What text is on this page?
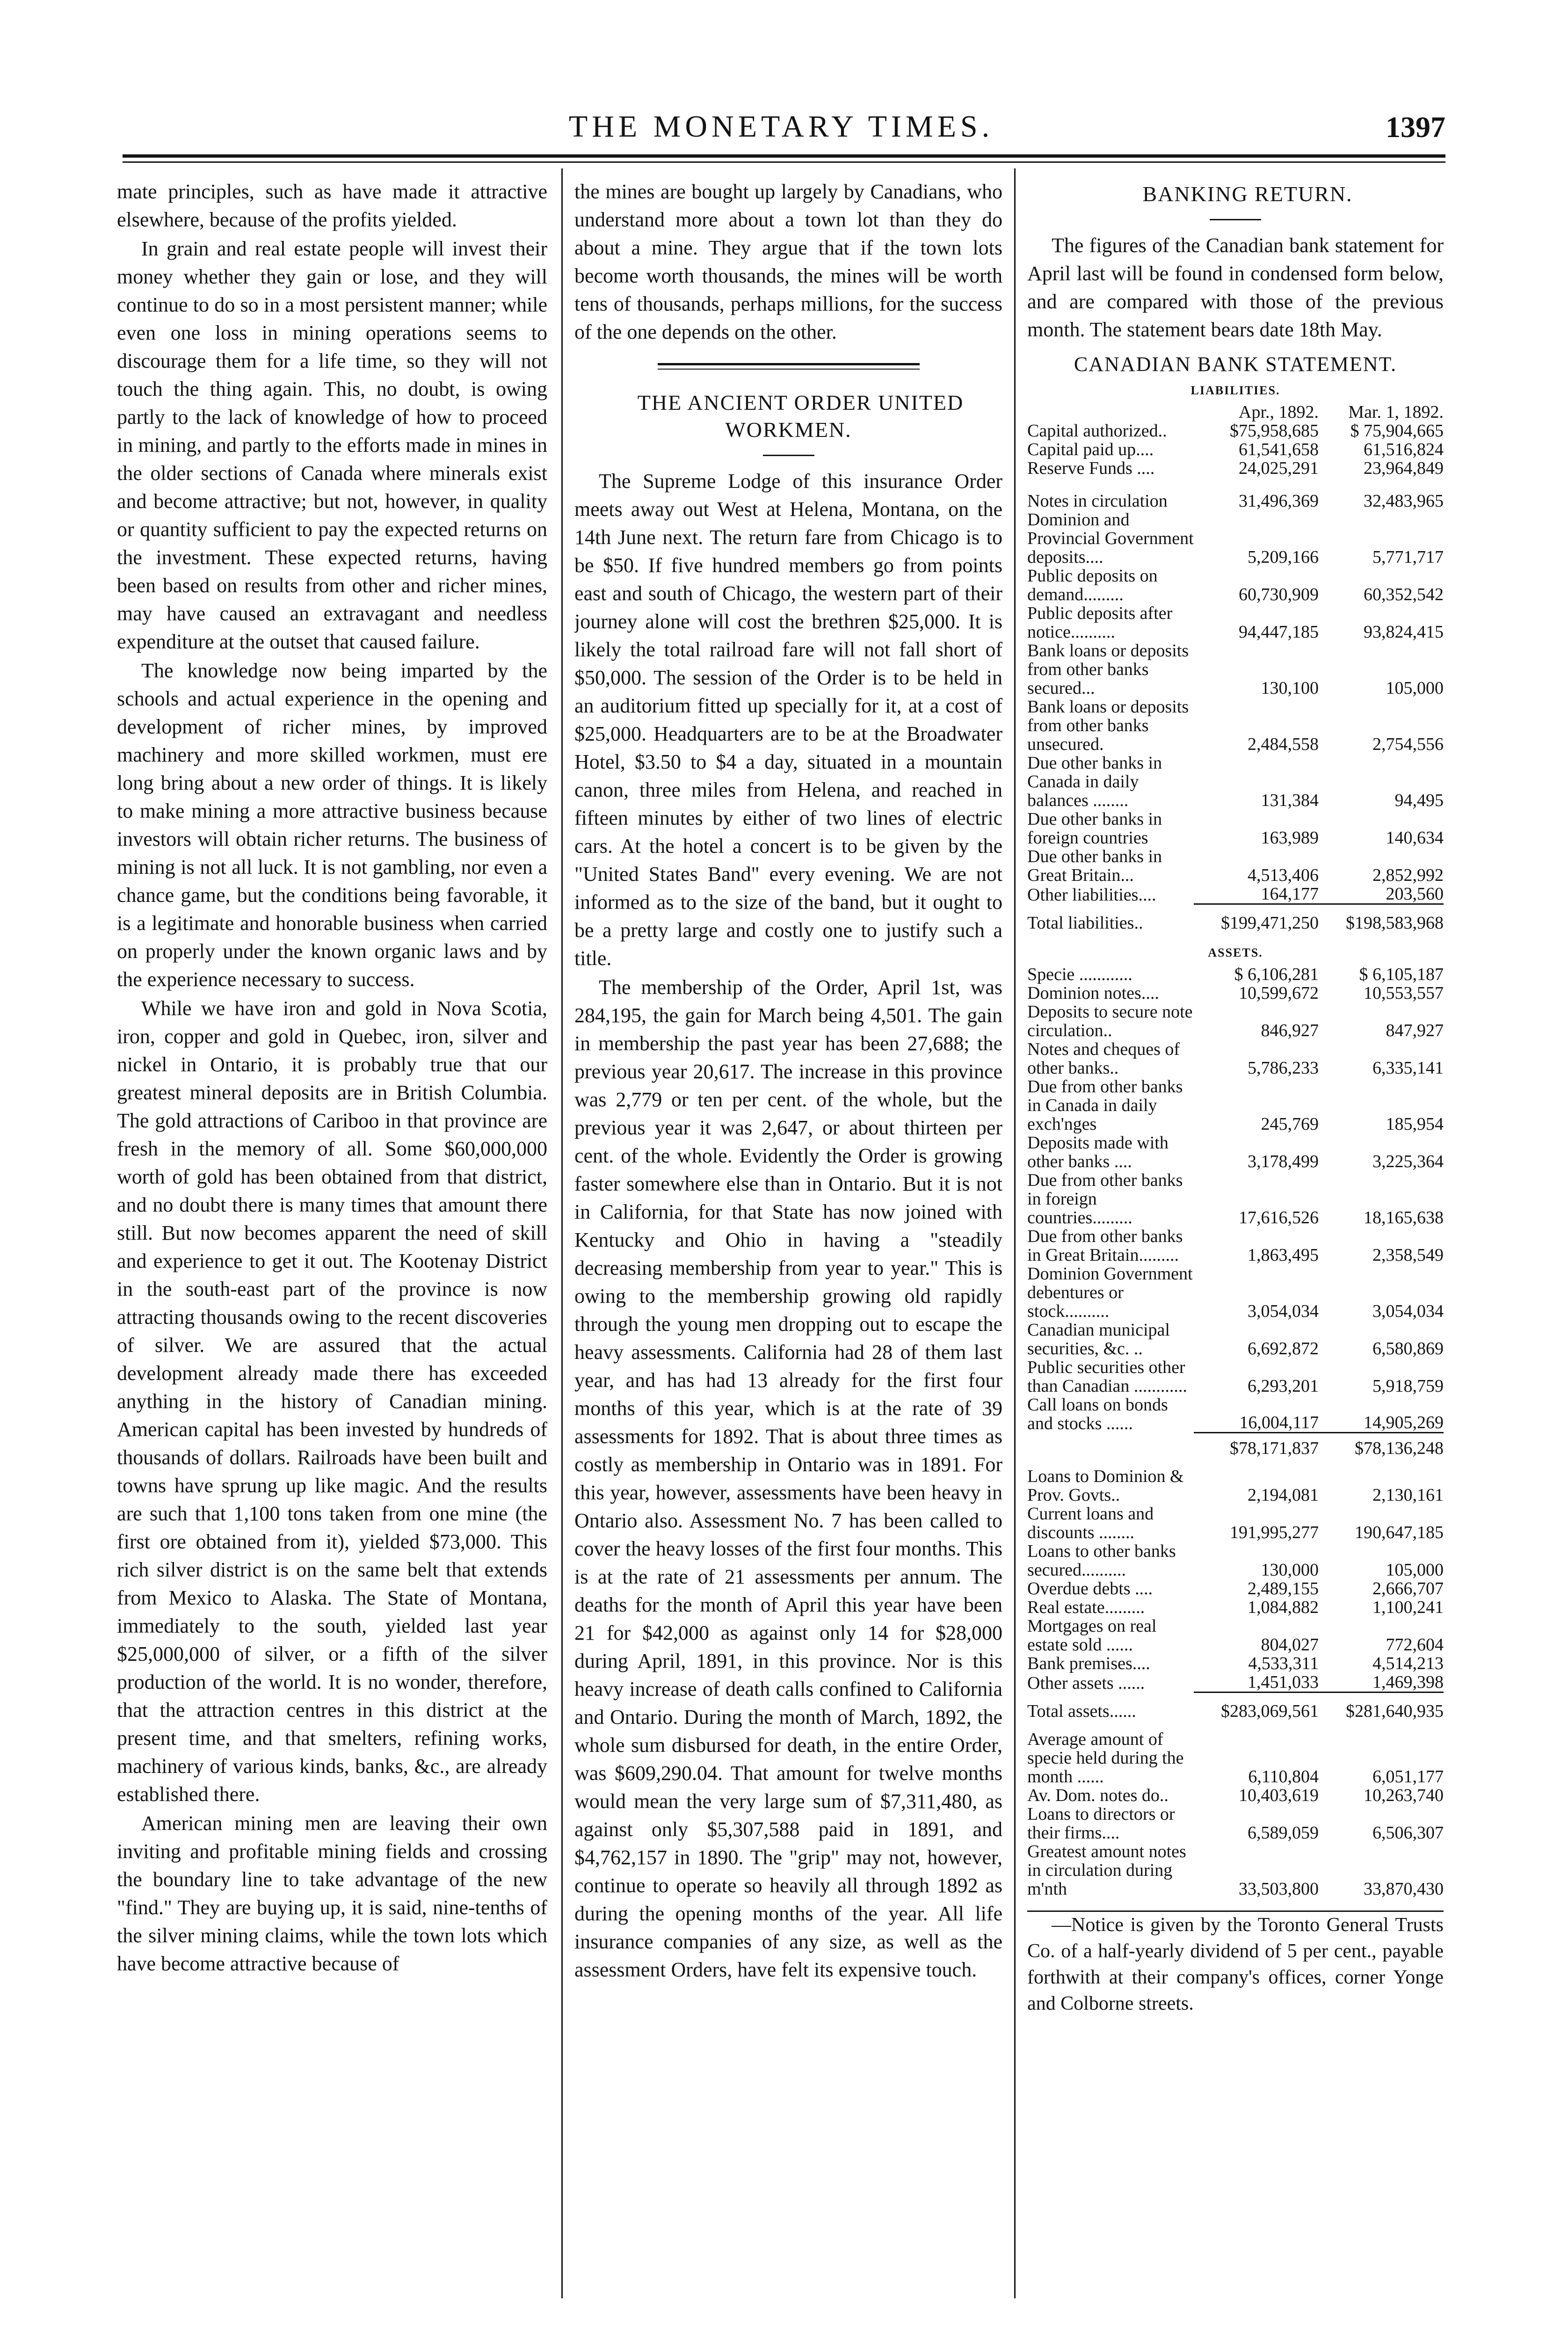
THE MONETARY TIMES.	1397

mate principles, such as have made it attractive elsewhere, because of the profits yielded.

In grain and real estate people will invest their money whether they gain or lose, and they will continue to do so in a most persistent manner; while even one loss in mining operations seems to discourage them for a life time, so they will not touch the thing again. This, no doubt, is owing partly to the lack of knowledge of how to proceed in mining, and partly to the efforts made in mines in the older sections of Canada where minerals exist and become attractive; but not, however, in quality or quantity sufficient to pay the expected returns on the investment. These expected returns, having been based on results from other and richer mines, may have caused an extravagant and needless expenditure at the outset that caused failure.

The knowledge now being imparted by the schools and actual experience in the opening and development of richer mines, by improved machinery and more skilled workmen, must ere long bring about a new order of things. It is likely to make mining a more attractive business because investors will obtain richer returns. The business of mining is not all luck. It is not gambling, nor even a chance game, but the conditions being favorable, it is a legitimate and honorable business when carried on properly under the known organic laws and by the experience necessary to success.

While we have iron and gold in Nova Scotia, iron, copper and gold in Quebec, iron, silver and nickel in Ontario, it is probably true that our greatest mineral deposits are in British Columbia. The gold attractions of Cariboo in that province are fresh in the memory of all. Some $60,000,000 worth of gold has been obtained from that district, and no doubt there is many times that amount there still. But now becomes apparent the need of skill and experience to get it out. The Kootenay District in the south-east part of the province is now attracting thousands owing to the recent discoveries of silver. We are assured that the actual development already made there has exceeded anything in the history of Canadian mining. American capital has been invested by hundreds of thousands of dollars. Railroads have been built and towns have sprung up like magic. And the results are such that 1,100 tons taken from one mine (the first ore obtained from it), yielded $73,000. This rich silver district is on the same belt that extends from Mexico to Alaska. The State of Montana, immediately to the south, yielded last year $25,000,000 of silver, or a fifth of the silver production of the world. It is no wonder, therefore, that the attraction centres in this district at the present time, and that smelters, refining works, machinery of various kinds, banks, &c., are already established there.

American mining men are leaving their own inviting and profitable mining fields and crossing the boundary line to take advantage of the new "find." They are buying up, it is said, nine-tenths of the silver mining claims, while the town lots which have become attractive because of

the mines are bought up largely by Canadians, who understand more about a town lot than they do about a mine. They argue that if the town lots become worth thousands, the mines will be worth tens of thousands, perhaps millions, for the success of the one depends on the other.

THE ANCIENT ORDER UNITED WORKMEN.

The Supreme Lodge of this insurance Order meets away out West at Helena, Montana, on the 14th June next. The return fare from Chicago is to be $50. If five hundred members go from points east and south of Chicago, the western part of their journey alone will cost the brethren $25,000. It is likely the total railroad fare will not fall short of $50,000. The session of the Order is to be held in an auditorium fitted up specially for it, at a cost of $25,000. Headquarters are to be at the Broadwater Hotel, $3.50 to $4 a day, situated in a mountain canon, three miles from Helena, and reached in fifteen minutes by either of two lines of electric cars. At the hotel a concert is to be given by the "United States Band" every evening. We are not informed as to the size of the band, but it ought to be a pretty large and costly one to justify such a title.

The membership of the Order, April 1st, was 284,195, the gain for March being 4,501. The gain in membership the past year has been 27,688; the previous year 20,617. The increase in this province was 2,779 or ten per cent. of the whole, but the previous year it was 2,647, or about thirteen per cent. of the whole. Evidently the Order is growing faster somewhere else than in Ontario. But it is not in California, for that State has now joined with Kentucky and Ohio in having a "steadily decreasing membership from year to year." This is owing to the membership growing old rapidly through the young men dropping out to escape the heavy assessments. California had 28 of them last year, and has had 13 already for the first four months of this year, which is at the rate of 39 assessments for 1892. That is about three times as costly as membership in Ontario was in 1891. For this year, however, assessments have been heavy in Ontario also. Assessment No. 7 has been called to cover the heavy losses of the first four months. This is at the rate of 21 assessments per annum. The deaths for the month of April this year have been 21 for $42,000 as against only 14 for $28,000 during April, 1891, in this province. Nor is this heavy increase of death calls confined to California and Ontario. During the month of March, 1892, the whole sum disbursed for death, in the entire Order, was $609,290.04. That amount for twelve months would mean the very large sum of $7,311,480, as against only $5,307,588 paid in 1891, and $4,762,157 in 1890. The "grip" may not, however, continue to operate so heavily all through 1892 as during the opening months of the year. All life insurance companies of any size, as well as the assessment Orders, have felt its expensive touch.

BANKING RETURN.

The figures of the Canadian bank statement for April last will be found in condensed form below, and are compared with those of the previous month. The statement bears date 18th May.

CANADIAN BANK STATEMENT.
LIABILITIES.
	Apr., 1892.	Mar. 1, 1892.
Capital authorized..	$75,958,685	$ 75,904,665
Capital paid up....	61,541,658	61,516,824
Reserve Funds ....	24,025,291	23,964,849
Notes in circulation	31,496,369	32,483,965
Dominion and Provincial Government deposits....	5,209,166	5,771,717
Public deposits on demand.........	60,730,909	60,352,542
Public deposits after notice..........	94,447,185	93,824,415
Bank loans or deposits from other banks secured...	130,100	105,000
Bank loans or deposits from other banks unsecured.	2,484,558	2,754,556
Due other banks in Canada in daily balances ........	131,384	94,495
Due other banks in foreign countries	163,989	140,634
Due other banks in Great Britain...	4,513,406	2,852,992
Other liabilities....	164,177	203,560
Total liabilities..	$199,471,250	$198,583,968
ASSETS.
Specie ............	$ 6,106,281	$ 6,105,187
Dominion notes....	10,599,672	10,553,557
Deposits to secure note circulation..	846,927	847,927
Notes and cheques of other banks..	5,786,233	6,335,141
Due from other banks in Canada in daily exch'nges	245,769	185,954
Deposits made with other banks ....	3,178,499	3,225,364
Due from other banks in foreign countries.........	17,616,526	18,165,638
Due from other banks in Great Britain.........	1,863,495	2,358,549
Dominion Government debentures or stock..........	3,054,034	3,054,034
Canadian municipal securities, &c. ..	6,692,872	6,580,869
Public securities other than Canadian ............	6,293,201	5,918,759
Call loans on bonds and stocks ......	16,004,117	14,905,269
	$78,171,837	$78,136,248
Loans to Dominion & Prov. Govts..	2,194,081	2,130,161
Current loans and discounts ........	191,995,277	190,647,185
Loans to other banks secured..........	130,000	105,000
Overdue debts ....	2,489,155	2,666,707
Real estate.........	1,084,882	1,100,241
Mortgages on real estate sold ......	804,027	772,604
Bank premises....	4,533,311	4,514,213
Other assets ......	1,451,033	1,469,398
Total assets......	$283,069,561	$281,640,935
Average amount of specie held during the month ......	6,110,804	6,051,177
Av. Dom. notes do..	10,403,619	10,263,740
Loans to directors or their firms....	6,589,059	6,506,307
Greatest amount notes in circulation during m'nth	33,503,800	33,870,430

—Notice is given by the Toronto General Trusts Co. of a half-yearly dividend of 5 per cent., payable forthwith at their company's offices, corner Yonge and Colborne streets.
